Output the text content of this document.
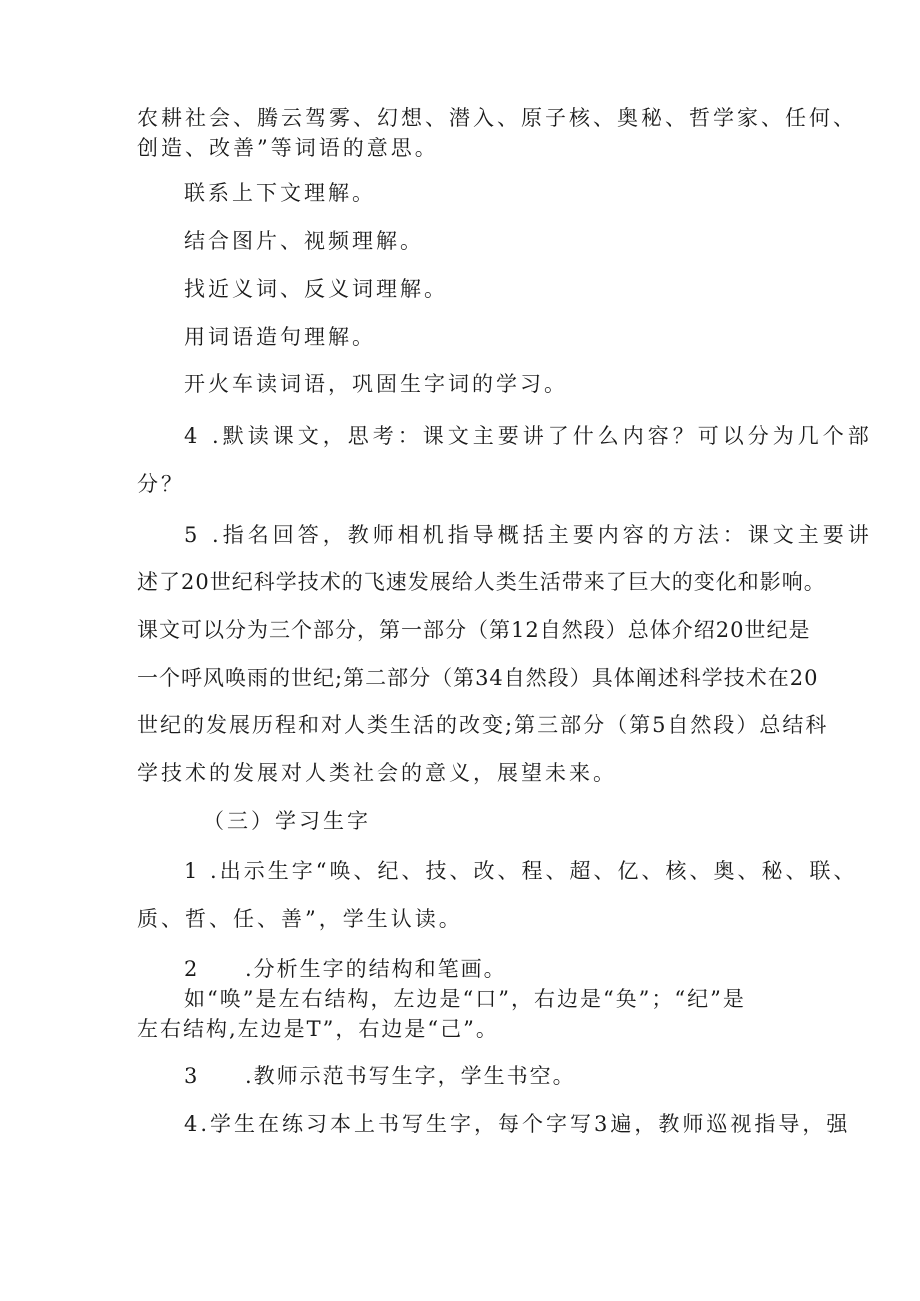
农耕社会、腾云驾雾、幻想、潜入、原子核、奥秘、哲学家、任何、
创造、改善”等词语的意思。
联系上下文理解。
结合图片、视频理解。
找近义词、反义词理解。
用词语造句理解。
开火车读词语，巩固生字词的学习。
4 .默读课文，思考：课文主要讲了什么内容？可以分为几个部
分？
5 .指名回答，教师相机指导概括主要内容的方法：课文主要讲
述了20世纪科学技术的飞速发展给人类生活带来了巨大的变化和影响。
课文可以分为三个部分，第一部分（第12自然段）总体介绍20世纪是
一个呼风唤雨的世纪;第二部分（第34自然段）具体阐述科学技术在20
世纪的发展历程和对人类生活的改变;第三部分（第5自然段）总结科
学技术的发展对人类社会的意义，展望未来。
（三）学习生字
1 .出示生字“唤、纪、技、改、程、超、亿、核、奥、秘、联、
质、哲、任、善”，学生认读。
2 .分析生字的结构和笔画。
如“唤”是左右结构，左边是“口”，右边是“奂”；“纪”是
左右结构,左边是T”，右边是“己”。
3 .教师示范书写生字，学生书空。
4.学生在练习本上书写生字，每个字写3遍，教师巡视指导，强
